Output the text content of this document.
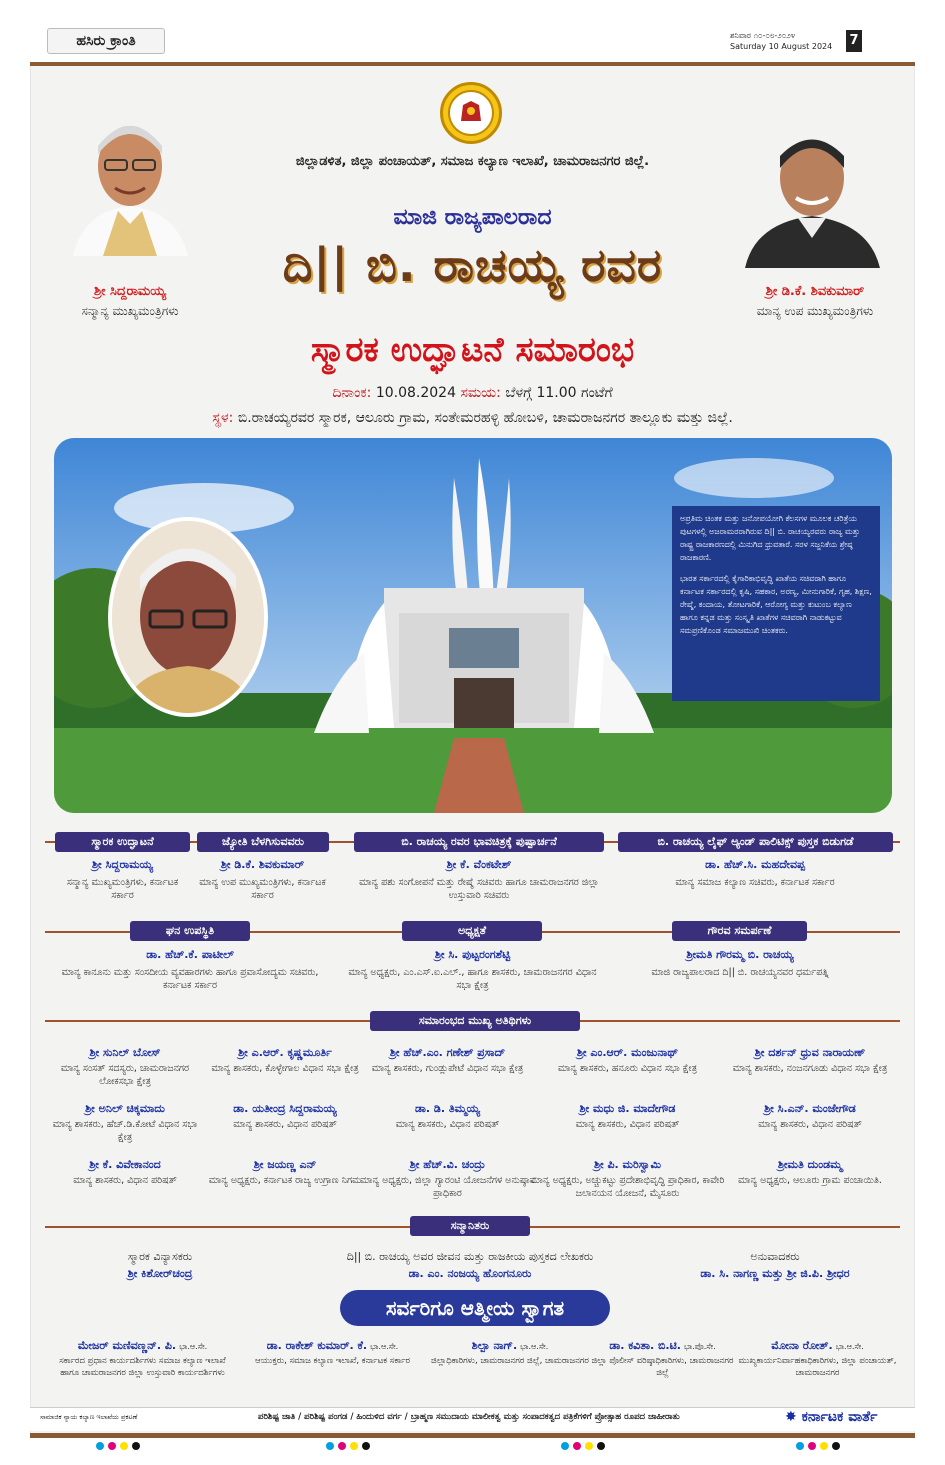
ಹಸಿರು ಕ್ರಾಂತಿ	ಶನಿವಾರ ೧೦-೦೮-೨೦೨೪
Saturday 10 August 2024	7
ಶ್ರೀ ಸಿದ್ದರಾಮಯ್ಯ
ಸನ್ಮಾನ್ಯ ಮುಖ್ಯಮಂತ್ರಿಗಳು
ಶ್ರೀ ಡಿ.ಕೆ. ಶಿವಕುಮಾರ್
ಮಾನ್ಯ ಉಪ ಮುಖ್ಯಮಂತ್ರಿಗಳು
ಜಿಲ್ಲಾಡಳಿತ, ಜಿಲ್ಲಾ ಪಂಚಾಯತ್, ಸಮಾಜ ಕಲ್ಯಾಣ ಇಲಾಖೆ, ಚಾಮರಾಜನಗರ ಜಿಲ್ಲೆ.
ಮಾಜಿ ರಾಜ್ಯಪಾಲರಾದ
ದಿ|| ಬಿ. ರಾಚಯ್ಯ ರವರ
ಸ್ಮಾರಕ ಉದ್ಘಾಟನೆ ಸಮಾರಂಭ
ದಿನಾಂಕ: 10.08.2024 ಸಮಯ: ಬೆಳಗ್ಗೆ 11.00 ಗಂಟೆಗೆ
ಸ್ಥಳ: ಬಿ.ರಾಚಯ್ಯರವರ ಸ್ಮಾರಕ, ಆಲೂರು ಗ್ರಾಮ, ಸಂತೇಮರಹಳ್ಳಿ ಹೋಬಳಿ, ಚಾಮರಾಜನಗರ ತಾಲ್ಲೂಕು ಮತ್ತು ಜಿಲ್ಲೆ.

ಅಪ್ರತಿಮ ಚಿಂತಕ ಮತ್ತು ಜನೋಪಯೋಗಿ ಕೆಲಸಗಳ ಮೂಲಕ ಚರಿತ್ರೆಯ ಪುಟಗಳಲ್ಲಿ ಅಜರಾಮರರಾಗಿರುವ ದಿ|| ಬಿ. ರಾಚಯ್ಯರವರು ರಾಜ್ಯ ಮತ್ತು ರಾಷ್ಟ್ರ ರಾಜಕಾರಣದಲ್ಲಿ ಮಿನುಗಿದ ಧ್ರುವತಾರೆ. ಸರಳ ಸಜ್ಜನಿಕೆಯ ಶ್ರೇಷ್ಠ ರಾಜಕಾರಣಿ.

ಭಾರತ ಸರ್ಕಾರದಲ್ಲಿ ಕೈಗಾರಿಕಾಭಿವೃದ್ಧಿ ಖಾತೆಯ ಸಚಿವರಾಗಿ ಹಾಗೂ ಕರ್ನಾಟಕ ಸರ್ಕಾರದಲ್ಲಿ ಕೃಷಿ, ಸಹಕಾರ, ಅರಣ್ಯ, ಮೀನುಗಾರಿಕೆ, ಗೃಹ, ಶಿಕ್ಷಣ, ರೇಷ್ಮೆ, ಕಂದಾಯ, ತೋಟಗಾರಿಕೆ, ಆರೋಗ್ಯ ಮತ್ತು ಕುಟುಂಬ ಕಲ್ಯಾಣ ಹಾಗೂ ಕನ್ನಡ ಮತ್ತು ಸಂಸ್ಕೃತಿ ಖಾತೆಗಳ ಸಚಿವರಾಗಿ ನಾಡುಕಟ್ಟುವ ಸಮಪ್ರಣಿಕೊಂಡ ಸಮಾಜಮುಖಿ ಚಿಂತಕರು.

ಸ್ಮಾರಕ ಉದ್ಘಾಟನೆ	ಜ್ಯೋತಿ ಬೆಳಗಿಸುವವರು	ಬಿ. ರಾಚಯ್ಯ ರವರ ಭಾವಚಿತ್ರಕ್ಕೆ ಪುಷ್ಪಾರ್ಚನೆ	ಬಿ. ರಾಚಯ್ಯ ಲೈಫ್ ಅ್ಯಂಡ್ ಪಾಲಿಟಿಕ್ಸ್ ಪುಸ್ತಕ ಬಿಡುಗಡೆ
ಶ್ರೀ ಸಿದ್ದರಾಮಯ್ಯ
ಸನ್ಮಾನ್ಯ ಮುಖ್ಯಮಂತ್ರಿಗಳು, ಕರ್ನಾಟಕ ಸರ್ಕಾರ
ಶ್ರೀ ಡಿ.ಕೆ. ಶಿವಕುಮಾರ್
ಮಾನ್ಯ ಉಪ ಮುಖ್ಯಮಂತ್ರಿಗಳು, ಕರ್ನಾಟಕ ಸರ್ಕಾರ
ಶ್ರೀ ಕೆ. ವೆಂಕಟೇಶ್
ಮಾನ್ಯ ಪಶು ಸಂಗೋಪನೆ ಮತ್ತು ರೇಷ್ಮೆ ಸಚಿವರು ಹಾಗೂ ಚಾಮರಾಜನಗರ ಜಿಲ್ಲಾ ಉಸ್ತುವಾರಿ ಸಚಿವರು
ಡಾ. ಹೆಚ್.ಸಿ. ಮಹದೇವಪ್ಪ
ಮಾನ್ಯ ಸಮಾಜ ಕಲ್ಯಾಣ ಸಚಿವರು, ಕರ್ನಾಟಕ ಸರ್ಕಾರ
ಘನ ಉಪಸ್ಥಿತಿ	ಅಧ್ಯಕ್ಷತೆ	ಗೌರವ ಸಮರ್ಪಣೆ
ಡಾ. ಹೆಚ್.ಕೆ. ಪಾಟೀಲ್
ಮಾನ್ಯ ಕಾನೂನು ಮತ್ತು ಸಂಸದೀಯ ವ್ಯವಹಾರಗಳು ಹಾಗೂ ಪ್ರವಾಸೋದ್ಯಮ ಸಚಿವರು, ಕರ್ನಾಟಕ ಸರ್ಕಾರ
ಶ್ರೀ ಸಿ. ಪುಟ್ಟರಂಗಶೆಟ್ಟಿ
ಮಾನ್ಯ ಅಧ್ಯಕ್ಷರು, ಎಂ.ಎಸ್.ಐ.ಎಲ್., ಹಾಗೂ ಶಾಸಕರು, ಚಾಮರಾಜನಗರ ವಿಧಾನ ಸಭಾ ಕ್ಷೇತ್ರ
ಶ್ರೀಮತಿ ಗೌರಮ್ಮ ಬಿ. ರಾಚಯ್ಯ
ಮಾಜಿ ರಾಜ್ಯಪಾಲರಾದ ದಿ|| ಬಿ. ರಾಚಯ್ಯನವರ ಧರ್ಮಪತ್ನಿ
ಸಮಾರಂಭದ ಮುಖ್ಯ ಅತಿಥಿಗಳು
ಶ್ರೀ ಸುನಿಲ್ ಬೋಸ್
ಮಾನ್ಯ ಸಂಸತ್ ಸದಸ್ಯರು, ಚಾಮರಾಜನಗರ ಲೋಕಸಭಾ ಕ್ಷೇತ್ರ
ಶ್ರೀ ಎ.ಆರ್. ಕೃಷ್ಣಮೂರ್ತಿ
ಮಾನ್ಯ ಶಾಸಕರು, ಕೊಳ್ಳೇಗಾಲ ವಿಧಾನ ಸಭಾ ಕ್ಷೇತ್ರ
ಶ್ರೀ ಹೆಚ್.ಎಂ. ಗಣೇಶ್ ಪ್ರಸಾದ್
ಮಾನ್ಯ ಶಾಸಕರು, ಗುಂಡ್ಲುಪೇಟೆ ವಿಧಾನ ಸಭಾ ಕ್ಷೇತ್ರ
ಶ್ರೀ ಎಂ.ಆರ್. ಮಂಜುನಾಥ್
ಮಾನ್ಯ ಶಾಸಕರು, ಹನೂರು ವಿಧಾನ ಸಭಾ ಕ್ಷೇತ್ರ
ಶ್ರೀ ದರ್ಶನ್ ಧ್ರುವ ನಾರಾಯಣ್
ಮಾನ್ಯ ಶಾಸಕರು, ನಂಜನಗೂಡು ವಿಧಾನ ಸಭಾ ಕ್ಷೇತ್ರ
ಶ್ರೀ ಅನಿಲ್ ಚಿಕ್ಕಮಾದು
ಮಾನ್ಯ ಶಾಸಕರು, ಹೆಚ್.ಡಿ.ಕೋಟೆ ವಿಧಾನ ಸಭಾ ಕ್ಷೇತ್ರ
ಡಾ. ಯತೀಂದ್ರ ಸಿದ್ದರಾಮಯ್ಯ
ಮಾನ್ಯ ಶಾಸಕರು, ವಿಧಾನ ಪರಿಷತ್
ಡಾ. ಡಿ. ತಿಮ್ಮಯ್ಯ
ಮಾನ್ಯ ಶಾಸಕರು, ವಿಧಾನ ಪರಿಷತ್
ಶ್ರೀ ಮಧು ಜಿ. ಮಾದೇಗೌಡ
ಮಾನ್ಯ ಶಾಸಕರು, ವಿಧಾನ ಪರಿಷತ್
ಶ್ರೀ ಸಿ.ಎನ್. ಮಂಜೇಗೌಡ
ಮಾನ್ಯ ಶಾಸಕರು, ವಿಧಾನ ಪರಿಷತ್
ಶ್ರೀ ಕೆ. ವಿವೇಕಾನಂದ
ಮಾನ್ಯ ಶಾಸಕರು, ವಿಧಾನ ಪರಿಷತ್
ಶ್ರೀ ಜಯಣ್ಣ ಎನ್
ಮಾನ್ಯ ಅಧ್ಯಕ್ಷರು, ಕರ್ನಾಟಕ ರಾಜ್ಯ ಉಗ್ರಾಣ ನಿಗಮ
ಶ್ರೀ ಹೆಚ್.ವಿ. ಚಂದ್ರು
ಮಾನ್ಯ ಅಧ್ಯಕ್ಷರು, ಜಿಲ್ಲಾ ಗ್ಯಾರಂಟಿ ಯೋಜನೆಗಳ ಅನುಷ್ಠಾನ ಪ್ರಾಧಿಕಾರ
ಶ್ರೀ ಪಿ. ಮರಿಸ್ವಾಮಿ
ಮಾನ್ಯ ಅಧ್ಯಕ್ಷರು, ಅಚ್ಚುಕಟ್ಟು ಪ್ರದೇಶಾಭಿವೃದ್ಧಿ ಪ್ರಾಧಿಕಾರ, ಕಾವೇರಿ ಜಲಾನಯನ ಯೋಜನೆ, ಮೈಸೂರು
ಶ್ರೀಮತಿ ದುಂಡಮ್ಮ
ಮಾನ್ಯ ಅಧ್ಯಕ್ಷರು, ಆಲೂರು ಗ್ರಾಮ ಪಂಚಾಯಿತಿ.
ಸನ್ಮಾನಿತರು
ಸ್ಮಾರಕ ವಿನ್ಯಾಸಕರು
ಶ್ರೀ ಕಿಶೋರ್‌ಚಂದ್ರ
ದಿ|| ಬಿ. ರಾಚಯ್ಯ ಅವರ ಜೀವನ ಮತ್ತು ರಾಜಕೀಯ ಪುಸ್ತಕದ ಲೇಖಕರು
ಡಾ. ಎಂ. ನಂಜಯ್ಯ ಹೊಂಗನೂರು
ಅನುವಾದಕರು
ಡಾ. ಸಿ. ನಾಗಣ್ಣ ಮತ್ತು ಶ್ರೀ ಜಿ.ಪಿ. ಶ್ರೀಧರ
ಸರ್ವರಿಗೂ ಆತ್ಮೀಯ ಸ್ವಾಗತ
ಮೇಜರ್ ಮಣಿವಣ್ಣನ್. ಪಿ. ಭಾ.ಆ.ಸೇ.
ಸರ್ಕಾರದ ಪ್ರಧಾನ ಕಾರ್ಯದರ್ಶಿಗಳು ಸಮಾಜ ಕಲ್ಯಾಣ ಇಲಾಖೆ ಹಾಗೂ ಚಾಮರಾಜನಗರ ಜಿಲ್ಲಾ ಉಸ್ತುವಾರಿ ಕಾರ್ಯದರ್ಶಿಗಳು
ಡಾ. ರಾಕೇಶ್ ಕುಮಾರ್. ಕೆ. ಭಾ.ಆ.ಸೇ.
ಆಯುಕ್ತರು, ಸಮಾಜ ಕಲ್ಯಾಣ ಇಲಾಖೆ, ಕರ್ನಾಟಕ ಸರ್ಕಾರ
ಶಿಲ್ಪಾ ನಾಗ್. ಭಾ.ಆ.ಸೇ.
ಜಿಲ್ಲಾಧಿಕಾರಿಗಳು, ಚಾಮರಾಜನಗರ ಜಿಲ್ಲೆ, ಚಾಮರಾಜನಗರ
ಡಾ. ಕವಿತಾ. ಬಿ.ಟಿ. ಭಾ.ಪೊ.ಸೇ.
ಜಿಲ್ಲಾ ಪೊಲೀಸ್ ವರಿಷ್ಠಾಧಿಕಾರಿಗಳು, ಚಾಮರಾಜನಗರ ಜಿಲ್ಲೆ
ಮೋನಾ ರೋತ್. ಭಾ.ಆ.ಸೇ.
ಮುಖ್ಯಕಾರ್ಯನಿರ್ವಾಹಕಾಧಿಕಾರಿಗಳು, ಜಿಲ್ಲಾ ಪಂಚಾಯತ್, ಚಾಮರಾಜನಗರ
ಸಾಮಾಜಿಕ ನ್ಯಾಯ ಕಲ್ಯಾಣ ಇಲಾಖೆಯ ಪ್ರಕಟಣೆ	ಪರಿಶಿಷ್ಟ ಜಾತಿ / ಪರಿಶಿಷ್ಟ ಪಂಗಡ / ಹಿಂದುಳಿದ ವರ್ಗ / ಬ್ರಾಹ್ಮಣ ಸಮುದಾಯ ಮಾಲೀಕತ್ವ ಮತ್ತು ಸಂಪಾದಕತ್ವದ ಪತ್ರಿಕೆಗಳಿಗೆ ಪ್ರೋತ್ಸಾಹ ರೂಪದ ಜಾಹೀರಾತು	✸ ಕರ್ನಾಟಕ ವಾರ್ತೆ
